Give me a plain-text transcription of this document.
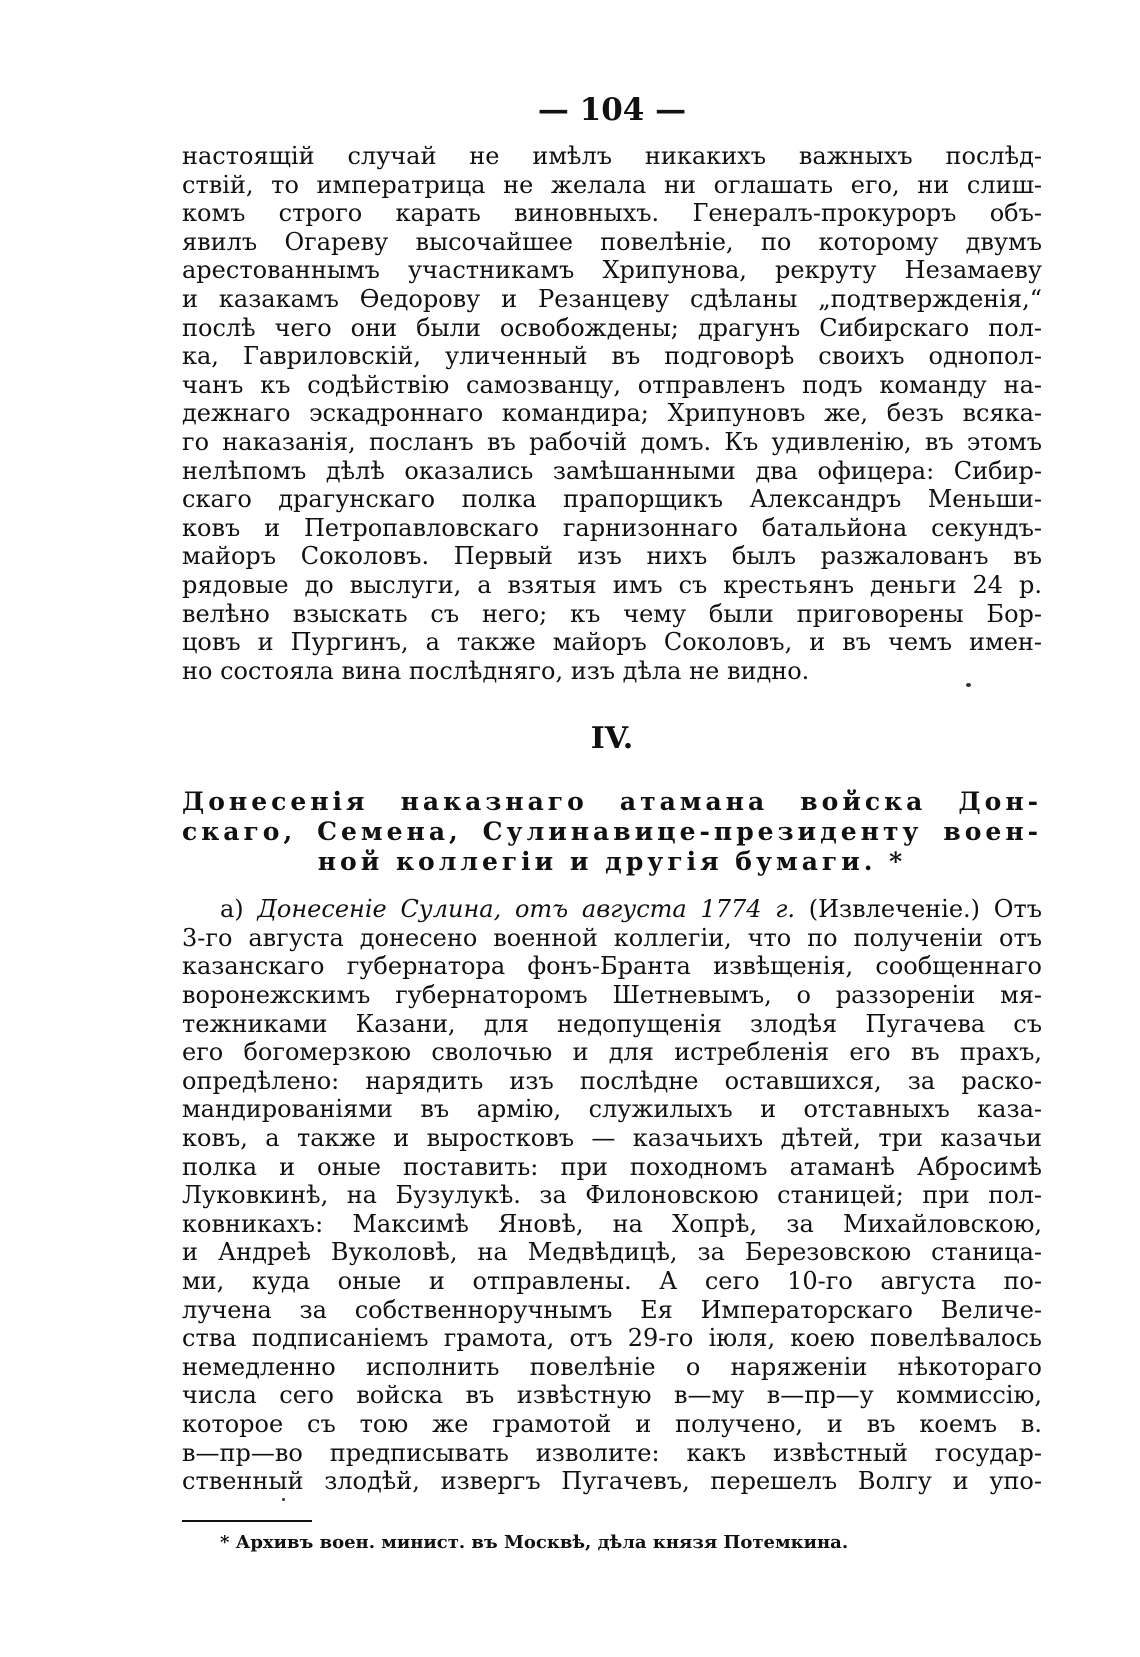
— 104 —
настоящій случай не имѣлъ никакихъ важныхъ послѣд-
ствій, то императрица не желала ни оглашать его, ни слиш-
комъ строго карать виновныхъ. Генералъ-прокуроръ объ-
явилъ Огареву высочайшее повелѣніе, по которому двумъ
арестованнымъ участникамъ Хрипунова, рекруту Незамаеву
и казакамъ Ѳедорову и Резанцеву сдѣланы „подтвержденія,“
послѣ чего они были освобождены; драгунъ Сибирскаго пол-
ка, Гавриловскій, уличенный въ подговорѣ своихъ однопол-
чанъ къ содѣйствію самозванцу, отправленъ подъ команду на-
дежнаго эскадроннаго командира; Хрипуновъ же, безъ всяка-
го наказанія, посланъ въ рабочій домъ. Къ удивленію, въ этомъ
нелѣпомъ дѣлѣ оказались замѣшанными два офицера: Сибир-
скаго драгунскаго полка прапорщикъ Александръ Меньши-
ковъ и Петропавловскаго гарнизоннаго батальйона секундъ-
майоръ Соколовъ. Первый изъ нихъ былъ разжалованъ въ
рядовые до выслуги, а взятыя имъ съ крестьянъ деньги 24 р.
велѣно взыскать съ него; къ чему были приговорены Бор-
цовъ и Пургинъ, а также майоръ Соколовъ, и въ чемъ имен-
но состояла вина послѣдняго, изъ дѣла не видно.
IV.
Донесенія наказнаго атамана войска Дон-
скаго, Семена, Сулинавице-президенту воен-
ной коллегіи и другія бумаги. *
а) Донесеніе Сулина, отъ августа 1774 г. (Извлеченіе.) Отъ
3-го августа донесено военной коллегіи, что по полученіи отъ
казанскаго губернатора фонъ-Бранта извѣщенія, сообщеннаго
воронежскимъ губернаторомъ Шетневымъ, о раззореніи мя-
тежниками Казани, для недопущенія злодѣя Пугачева съ
его богомерзкою сволочью и для истребленія его въ прахъ,
опредѣлено: нарядить изъ послѣдне оставшихся, за раско-
мандированіями въ армію, служилыхъ и отставныхъ каза-
ковъ, а также и выростковъ — казачьихъ дѣтей, три казачьи
полка и оные поставить: при походномъ атаманѣ Абросимѣ
Луковкинѣ, на Бузулукѣ. за Филоновскою станицей; при пол-
ковникахъ: Максимѣ Яновѣ, на Хопрѣ, за Михайловскою,
и Андреѣ Вуколовѣ, на Медвѣдицѣ, за Березовскою станица-
ми, куда оные и отправлены. А сего 10-го августа по-
лучена за собственноручнымъ Ея Императорскаго Величе-
ства подписаніемъ грамота, отъ 29-го іюля, коею повелѣвалось
немедленно исполнить повелѣніе о наряженіи нѣкотораго
числа сего войска въ извѣстную в—му в—пр—у коммиссію,
которое съ тою же грамотой и получено, и въ коемъ в.
в—пр—во предписывать изволите: какъ извѣстный государ-
ственный злодѣй, извергъ Пугачевъ, перешелъ Волгу и упо-
* Архивъ воен. минист. въ Москвѣ, дѣла князя Потемкина.
